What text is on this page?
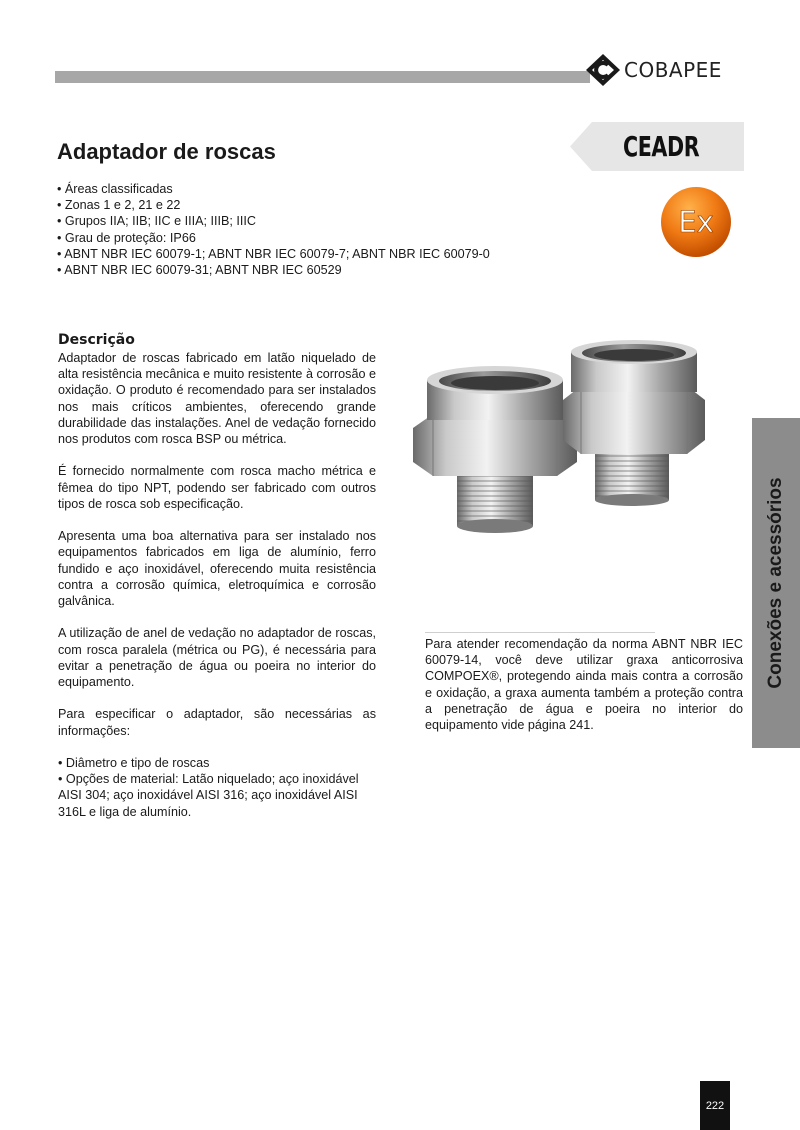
COBAPEE
CEADR
Adaptador de roscas
• Áreas classificadas
• Zonas 1 e 2, 21 e 22
• Grupos IIA; IIB; IIC e IIIA; IIIB; IIIC
• Grau de proteção: IP66
• ABNT NBR IEC 60079-1; ABNT NBR IEC 60079-7; ABNT NBR IEC 60079-0
• ABNT NBR IEC 60079-31; ABNT NBR IEC 60529
Ex
Conexões e acessórios
Descrição

Adaptador de roscas fabricado em latão niquelado de alta resistência mecânica e muito resistente à corrosão e oxidação. O produto é recomendado para ser instalados nos mais críticos ambientes, oferecendo grande durabilidade das instalações. Anel de vedação fornecido nos produtos com rosca BSP ou métrica.

É fornecido normalmente com rosca macho métrica e fêmea do tipo NPT, podendo ser fabricado com outros tipos de rosca sob especificação.

Apresenta uma boa alternativa para ser instalado nos equipamentos fabricados em liga de alumínio, ferro fundido e aço inoxidável, oferecendo muita resistência contra a corrosão química, eletroquímica e corrosão galvânica.

A utilização de anel de vedação no adaptador de roscas, com rosca paralela (métrica ou PG), é necessária para evitar a penetração de água ou poeira no interior do equipamento.

Para especificar o adaptador, são necessárias as informações:

• Diâmetro e tipo de roscas
• Opções de material: Latão niquelado; aço inoxidável AISI 304; aço inoxidável AISI 316; aço inoxidável AISI 316L e liga de alumínio.

Para atender recomendação da norma ABNT NBR IEC 60079-14, você deve utilizar graxa anticorrosiva COMPOEX®, protegendo ainda mais contra a corrosão e oxidação, a graxa aumenta também a proteção contra a penetração de água e poeira no interior do equipamento vide página 241.

222
